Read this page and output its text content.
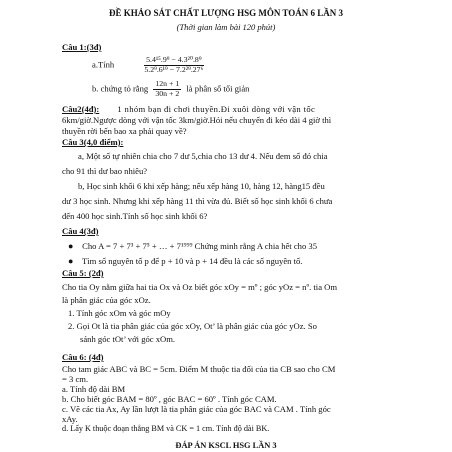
ĐỀ KHẢO SÁT CHẤT LƯỢNG HSG MÔN TOÁN 6 LẦN 3
(Thời gian làm bài 120 phút)
Câu 1:(3đ)
a.Tính	$\frac{\text{5.4¹⁵.9⁹ − 4.3²⁰.8⁹}}{\text{5.2⁹.6¹⁹ − 7.2²⁹.27⁶}}$
b. chứng tỏ rằng $\frac{12n + 1}{30n + 2}$ là phân số tối giản
Câu2(4đ): 1 nhóm bạn đi chơi thuyền.Đi xuôi dòng với vận tốc
6km/giờ.Ngược dòng với vận tốc 3km/giờ.Hỏi nếu chuyến đi kéo dài 4 giờ thì
thuyền rời bến bao xa phải quay về?
Câu 3(4,0 điểm):
a, Một số tự nhiên chia cho 7 dư 5,chia cho 13 dư 4. Nếu đem số đó chia
cho 91 thì dư bao nhiêu?
b, Học sinh khối 6 khi xếp hàng; nếu xếp hàng 10, hàng 12, hàng15 đều
dư 3 học sinh. Nhưng khi xếp hàng 11 thì vừa đủ. Biết số học sinh khối 6 chưa
đến 400 học sinh.Tính số học sinh khối 6?
Câu 4(3đ)
● Cho A = 7 + 7³ + 7⁵ + … + 7¹⁹⁹⁹ Chứng minh rằng A chia hết cho 35
● Tìm số nguyên tố p để p + 10 và p + 14 đều là các số nguyên tố.
Câu 5: (2đ)
Cho tia Oy nằm giữa hai tia Ox và Oz biết góc xOy = mº ; góc yOz = nº. tia Om
là phân giác của góc xOz.
1. Tính góc xOm và góc mOy
2. Gọi Ot là tia phân giác của góc xOy, Ot’ là phân giác của góc yOz. So
sánh góc tOt’ với góc xOm.
Câu 6: (4đ)
Cho tam giác ABC và BC = 5cm. Điểm M thuộc tia đối của tia CB sao cho CM
= 3 cm.
a. Tính độ dài BM
b. Cho biết góc BAM = 80º , góc BAC = 60º . Tính góc CAM.
c. Vẽ các tia Ax, Ay lần lượt là tia phân giác của góc BAC và CAM . Tính góc
xAy.
d. Lấy K thuộc đoạn thẳng BM và CK = 1 cm. Tính độ dài BK.
ĐÁP ÁN KSCL HSG LẦN 3
